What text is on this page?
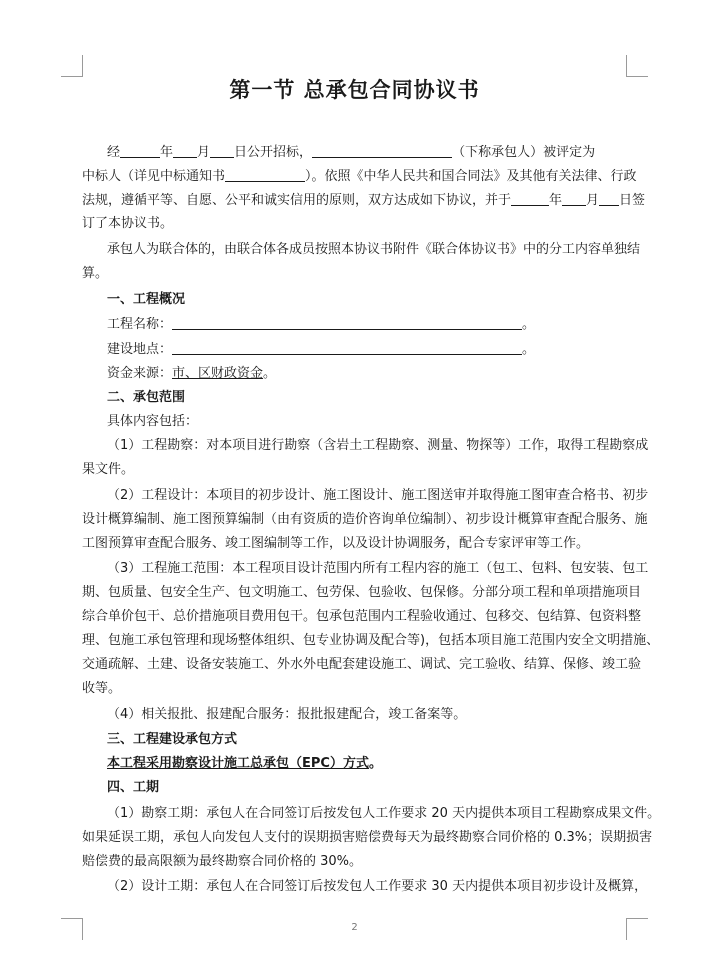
第一节 总承包合同协议书
经	年 月 日公开招标，	（下称承包人）被评定为
中标人（详见中标通知书	）。依照《中华人民共和国合同法》及其他有关法律、行政
法规，遵循平等、自愿、公平和诚实信用的原则，双方达成如下协议，并于	年 月 日签
订了本协议书。
承包人为联合体的，由联合体各成员按照本协议书附件《联合体协议书》中的分工内容单独结
算。
一、工程概况
工程名称：	。
建设地点：	。
资金来源：市、区财政资金。
二、承包范围
具体内容包括：
（1）工程勘察：对本项目进行勘察（含岩土工程勘察、测量、物探等）工作，取得工程勘察成
果文件。
（2）工程设计：本项目的初步设计、施工图设计、施工图送审并取得施工图审查合格书、初步
设计概算编制、施工图预算编制（由有资质的造价咨询单位编制）、初步设计概算审查配合服务、施
工图预算审查配合服务、竣工图编制等工作，以及设计协调服务，配合专家评审等工作。
（3）工程施工范围：本工程项目设计范围内所有工程内容的施工（包工、包料、包安装、包工
期、包质量、包安全生产、包文明施工、包劳保、包验收、包保修。分部分项工程和单项措施项目
综合单价包干、总价措施项目费用包干。包承包范围内工程验收通过、包移交、包结算、包资料整
理、包施工承包管理和现场整体组织、包专业协调及配合等)，包括本项目施工范围内安全文明措施、
交通疏解、土建、设备安装施工、外水外电配套建设施工、调试、完工验收、结算、保修、竣工验
收等。
（4）相关报批、报建配合服务：报批报建配合，竣工备案等。
三、工程建设承包方式
本工程采用勘察设计施工总承包（EPC）方式。
四、工期
（1）勘察工期：承包人在合同签订后按发包人工作要求 20 天内提供本项目工程勘察成果文件。
如果延误工期，承包人向发包人支付的误期损害赔偿费每天为最终勘察合同价格的 0.3%；误期损害
赔偿费的最高限额为最终勘察合同价格的 30%。
（2）设计工期：承包人在合同签订后按发包人工作要求 30 天内提供本项目初步设计及概算，
2
